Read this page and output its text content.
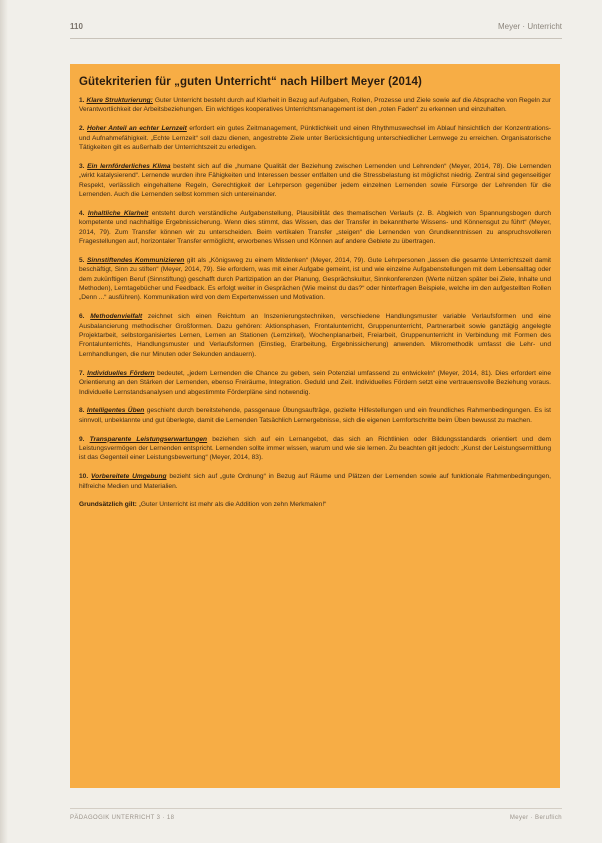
110	Meyer · Unterricht
Gütekriterien für „guten Unterricht“ nach Hilbert Meyer (2014)

1. Klare Strukturierung: Guter Unterricht besteht durch auf Klarheit in Bezug auf Aufgaben, Rollen, Prozesse und Ziele sowie auf die Absprache von Regeln zur Verantwortlichkeit der Arbeitsbeziehungen. Ein wichtiges kooperatives Unterrichtsmanagement ist den „roten Faden“ zu erkennen und einzuhalten.

2. Hoher Anteil an echter Lernzeit erfordert ein gutes Zeitmanagement, Pünktlichkeit und einen Rhythmuswechsel im Ablauf hinsichtlich der Konzentrations- und Aufnahmefähigkeit. „Echte Lernzeit“ soll dazu dienen, angestrebte Ziele unter Berücksichtigung unterschiedlicher Lernwege zu erreichen. Organisatorische Tätigkeiten gilt es außerhalb der Unterrichtszeit zu erledigen.

3. Ein lernförderliches Klima besteht sich auf die „humane Qualität der Beziehung zwischen Lernenden und Lehrenden“ (Meyer, 2014, 78). Die Lernenden „wirkt katalysierend“. Lernende wurden ihre Fähigkeiten und Interessen besser entfalten und die Stressbelastung ist möglichst niedrig. Zentral sind gegenseitiger Respekt, verlässlich eingehaltene Regeln, Gerechtigkeit der Lehrperson gegenüber jedem einzelnen Lernenden sowie Fürsorge der Lehrenden für die Lernenden. Auch die Lernenden selbst kommen sich untereinander.

4. Inhaltliche Klarheit entsteht durch verständliche Aufgabenstellung, Plausibilität des thematischen Verlaufs (z. B. Abgleich von Spannungsbogen durch kompetente und nachhaltige Ergebnissicherung. Wenn dies stimmt, das Wissen, das der Transfer in bekanntherte Wissens- und Könnensgut zu führt“ (Meyer, 2014, 79). Zum Transfer können wir zu unterscheiden. Beim vertikalen Transfer „steigen“ die Lernenden von Grundkenntnissen zu anspruchsvolleren Fragestellungen auf, horizontaler Transfer ermöglicht, erworbenes Wissen und Können auf andere Gebiete zu übertragen.

5. Sinnstiftendes Kommunizieren gilt als „Königsweg zu einem Mitdenken“ (Meyer, 2014, 79). Gute Lehrpersonen „lassen die gesamte Unterrichtszeit damit beschäftigt, Sinn zu stiften“ (Meyer, 2014, 79). Sie erfordern, was mit einer Aufgabe gemeint, ist und wie einzelne Aufgabenstellungen mit dem Lebensalltag oder dem zukünftigen Beruf (Sinnstiftung) geschafft durch Partizipation an der Planung, Gesprächskultur, Sinnkonferenzen (Werte nützen später bei Ziele, Inhalte und Methoden), Lerntagebücher und Feedback. Es erfolgt weiter in Gesprächen (Wie meinst du das?“ oder hinterfragen Beispiele, welche im den aufgestellten Rollen „Denn ...“ ausführen). Kommunikation wird von dem Expertenwissen und Motivation.

6. Methodenvielfalt zeichnet sich einen Reichtum an Inszenierungstechniken, verschiedene Handlungsmuster variable Verlaufsformen und eine Ausbalancierung methodischer Großformen. Dazu gehören: Aktionsphasen, Frontalunterricht, Gruppenunterricht, Partnerarbeit sowie ganztägig angelegte Projektarbeit, selbstorganisiertes Lernen, Lernen an Stationen (Lernzirkel), Wochenplanarbeit, Freiarbeit, Gruppenunterricht in Verbindung mit Formen des Frontalunterrichts, Handlungsmuster und Verlaufsformen (Einstieg, Erarbeitung, Ergebnissicherung) anwenden. Mikromethodik umfasst die Lehr- und Lernhandlungen, die nur Minuten oder Sekunden andauern).

7. Individuelles Fördern bedeutet, „jedem Lernenden die Chance zu geben, sein Potenzial umfassend zu entwickeln“ (Meyer, 2014, 81). Dies erfordert eine Orientierung an den Stärken der Lernenden, ebenso Freiräume, Integration. Geduld und Zeit. Individuelles Fördern setzt eine vertrauensvolle Beziehung voraus. Individuelle Lernstandsanalysen und abgestimmte Förderpläne sind notwendig.

8. Intelligentes Üben geschieht durch bereitstehende, passgenaue Übungsaufträge, gezielte Hilfestellungen und ein freundliches Rahmenbedingungen. Es ist sinnvoll, unbeklannte und gut überlegte, damit die Lernenden Tatsächlich Lernergebnisse, sich die eigenen Lernfortschritte beim Üben bewusst zu machen.

9. Transparente Leistungserwartungen beziehen sich auf ein Lernangebot, das sich an Richtlinien oder Bildungsstandards orientiert und dem Leistungsvermögen der Lernenden entspricht. Lernenden sollte immer wissen, warum und wie sie lernen. Zu beachten gilt jedoch: „Kunst der Leistungsermittlung ist das Gegenteil einer Leistungsbewertung“ (Meyer, 2014, 83).

10. Vorbereitete Umgebung bezieht sich auf „gute Ordnung“ in Bezug auf Räume und Plätzen der Lernenden sowie auf funktionale Rahmenbedingungen, hilfreiche Medien und Materialien.

Grundsätzlich gilt: „Guter Unterricht ist mehr als die Addition von zehn Merkmalen!“

PÄDAGOGIK UNTERRICHT 3 · 18	Meyer · Beruflich
